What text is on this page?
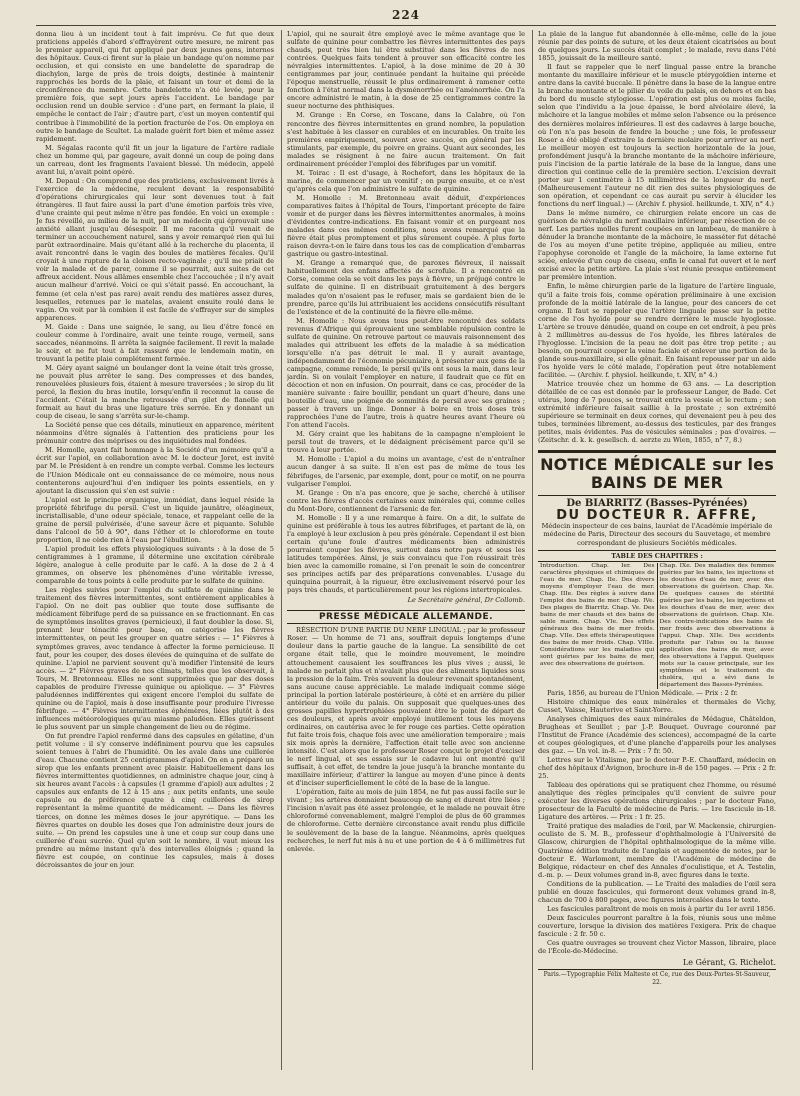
224

donna lieu à un incident tout à fait imprévu. Ce fut que deux praticiens appelés d'abord s'effrayèrent outre mesure, ne mirent pas le premier appareil, qui fut appliqué par deux jeunes gens, internes des hôpitaux. Ceux-ci firent sur la plaie un bandage qu'on nomme par occlusion, et qui consiste en une bandelette de sparadrap de diachylon, large de près de trois doigts, destinée à maintenir rapprochés les bords de la plaie, et faisant un tour et demi de la circonférence du membre. Cette bandelette n'a été levée, pour la première fois, que sept jours après l'accident. Le bandage par occlusion rend un double service : d'une part, en fermant la plaie, il empêche le contact de l'air ; d'autre part, c'est un moyen contentif qui contribue à l'immobilité de la portion fracturée de l'os. On employa en outre le bandage de Scultet. La malade guérit fort bien et même assez rapidement.

M. Ségalas raconte qu'il fit un jour la ligature de l'artère radiale chez un homme qui, par gageure, avait donné un coup de poing dans un carreau, dont les fragments l'avaient blessé. Un médecin, appelé avant lui, n'avait point opéré.

M. Depaul : On comprend que des praticiens, exclusivement livrés à l'exercice de la médecine, reculent devant la responsabilité d'opérations chirurgicales qui leur sont devenues tout à fait étrangères. Il faut faire aussi la part d'une émotion parfois très vive, d'une crainte qui peut même n'être pas fondée. En voici un exemple : Je fus réveillé, au milieu de la nuit, par un médecin qui éprouvait une anxiété allant jusqu'au désespoir. Il me raconta qu'il venait de terminer un accouchement naturel, sans y avoir remarqué rien qui lui parût extraordinaire. Mais qu'étant allé à la recherche du placenta, il avait rencontré dans le vagin des boules de matières fécales. Qu'il croyait à une rupture de la cloison recto-vaginale ; qu'il me priait de voir la malade et de parer, comme il se pourrait, aux suites de cet affreux accident. Nous allâmes ensemble chez l'accouchée ; il n'y avait aucun malheur d'arrivé. Voici ce qui s'était passé. En accouchant, la femme (et cela n'est pas rare) avait rendu des matières assez dures, lesquelles, retenues par le matelas, avaient ensuite roulé dans le vagin. On voit par là combien il est facile de s'effrayer sur de simples apparences.

M. Gaide : Dans une saignée, le sang, au lieu d'être foncé en couleur comme à l'ordinaire, avait une teinte rouge, vermeil, sans saccades, néanmoins. Il arrêta la saignée facilement. Il revit la malade le soir, et ne fut tout à fait rassuré que le lendemain matin, en trouvant la petite plaie complétement fermée.

M. Géry ayant saigné un boulanger dont la veine était très grosse, ne pouvait plus arrêter le sang. Des compresses et des bandes, renouvelées plusieurs fois, étaient à mesure traversées ; le sirop du lit percé, la flexion du bras inutile, lorsqu'enfin il reconnut la cause de l'accident. C'était la manche retroussée d'un gilet de flanelle qui formait au haut du bras une ligature très serrée. En y donnant un coup de ciseau, le sang s'arrêta sur-le-champ.

La Société pense que ces détails, minutieux en apparence, méritent néanmoins d'être signalés à l'attention des praticiens pour les prémunir contre des méprises ou des inquiétudes mal fondées.

M. Homolle, ayant fait hommage à la Société d'un mémoire qu'il a écrit sur l'apiol, en collaboration avec M. le docteur Joret, est invité par M. le Président à en rendre un compte verbal. Comme les lecteurs de l'Union Médicale ont eu connaissance de ce mémoire, nous nous contenterons aujourd'hui d'en indiquer les points essentiels, en y ajoutant la discussion qui s'en est suivie :

L'apiol est le principe organique, immédiat, dans lequel réside la propriété fébrifuge du persil. C'est un liquide jaunâtre, oléagineux, incristallisable, d'une odeur spéciale, tenace, et rappelant celle de la graine de persil pulvérisée, d'une saveur âcre et piquante. Soluble dans l'alcool de 50 à 90°, dans l'éther et le chloroforme en toute proportion, il ne cède rien à l'eau par l'ébullition.

L'apiol produit les effets physiologiques suivants : à la dose de 5 centigrammes à 1 gramme, il détermine une excitation cérébrale légère, analogue à celle produite par le café. A la dose de 2 à 4 grammes, on observe les phénomènes d'une véritable ivresse, comparable de tous points à celle produite par le sulfate de quinine.

Les règles suivies pour l'emploi du sulfate de quinine dans le traitement des fièvres intermittentes, sont entièrement applicables à l'apiol. On ne doit pas oublier que toute dose suffisante de médicament fébrifuge perd de sa puissance en se fractionnant. En cas de symptômes insolites graves (pernicieux), il faut doubler la dose. Si, prenant leur ténacité pour base, on catégorise les fièvres intermittentes, on peut les grouper en quatre séries : — 1° Fièvres à symptômes graves, avec tendance à affecter la forme pernicieuse. Il faut, pour les couper, des doses élevées de quinquina et de sulfate de quinine. L'apiol ne parvient souvent qu'à modifier l'intensité de leurs accès. — 2° Fièvres graves de nos climats, telles que les observait, à Tours, M. Bretonneau. Elles ne sont supprimées que par des doses capables de produire l'ivresse quinique ou apiolique. — 3° Fièvres paludéennes indifférentes qui exigent encore l'emploi du sulfate de quinine ou de l'apiol, mais à dose insuffisante pour produire l'ivresse fébrifuge. — 4° Fièvres intermittentes éphémères, liées plutôt à des influences météorologiques qu'au miasme paludéen. Elles guérissent le plus souvent par un simple changement de lieu ou de régime.

On fut prendre l'apiol renfermé dans des capsules en gélatine, d'un petit volume : il s'y conserve indéfiniment pourvu que les capsules soient tenues à l'abri de l'humidité. On les avale dans une cuillerée d'eau. Chacune contient 25 centigrammes d'apiol. On en a préparé un sirop que les enfants prennent avec plaisir. Habituellement dans les fièvres intermittentes quotidiennes, on administre chaque jour, cinq à six heures avant l'accès : à capsules (1 gramme d'apiol) aux adultes ; 2 capsules aux enfants de 12 à 15 ans ; aux petits enfants, une seule capsule ou de préférence quatre à cinq cuillerées de sirop représentant la même quantité de médicament. — Dans les fièvres tierces, on donne les mêmes doses le jour apyrétique. — Dans les fièvres quartes on double les doses que l'on administre deux jours de suite. — On prend les capsules une à une et coup sur coup dans une cuillerée d'eau sucrée. Quel qu'en soit le nombre, il vaut mieux les prendre au même instant qu'à des intervalles éloignés ; quand la fièvre est coupée, on continue les capsules, mais à doses décroissantes de jour en jour.

L'apiol, qui ne saurait être employé avec le même avantage que le sulfate de quinine pour combattre les fièvres intermittentes des pays chauds, peut très bien lui être substitué dans les fièvres de nos contrées. Quelques faits tendent à prouver son efficacité contre les névralgies intermittentes. L'apiol, à la dose minime de 20 à 30 centigrammes par jour, continuée pendant la huitaine qui précède l'époque menstruelle, réussit le plus ordinairement à ramener cette fonction à l'état normal dans la dysménorrhée ou l'aménorrhée. On l'a encore administré le matin, à la dose de 25 centigrammes contre la sueur nocturne des phthisiques.

M. Grange : En Corse, en Toscane, dans la Calabre, où l'on rencontre des fièvres intermittentes en grand nombre, la population s'est habituée à les classer en curables et en incurables. On traite les premières empiriquement, souvent avec succès, en général par les stimulants, par exemple, du poivre en grains. Quant aux secondes, les malades se résignent à ne faire aucun traitement. On fait ordinairement précéder l'emploi des fébrifuges par un vomitif.

M. Toirac : Il est d'usage, à Rochefort, dans les hôpitaux de la marine, de commencer par un vomitif ; on purge ensuite, et ce n'est qu'après cela que l'on administre le sulfate de quinine.

M. Homolle : M. Bretonneau avait déduit, d'expériences comparatives faites à l'hôpital de Tours, l'important précepte de faire vomir et de purger dans les fièvres intermittentes anormales, à moins d'évidentes contre-indications. En faisant vomir et en purgeant nos malades dans ces mêmes conditions, nous avons remarqué que la fièvre était plus promptement et plus sûrement coupée. À plus forte raison devra-t-on le faire dans tous les cas de complication d'embarras gastrique ou gastro-intestinal.

M. Grange a remarqué que, de paroxes fiévreux, il naissait habituellement des enfans affectés de scrofule. Il a rencontré en Corse, comme cela se voit dans les pays à fièvre, un préjugé contre le sulfate de quinine. Il en distribuait gratuitement à des bergers malades qu'on n'osaient pas le refuser, mais se gardaient bien de le prendre, parce qu'ils lui attribuaient les accidens consécutifs résultant de l'existence et de la continuité de la fièvre elle-même.

M. Homolle : Nous avons tous peut-être rencontré des soldats revenus d'Afrique qui éprouvaient une semblable répulsion contre le sulfate de quinine. On retrouve partout ce mauvais raisonnement des malades qui attribuent les effets de la maladie à sa médication lorsqu'elle n'a pas détruit le mal. Il y aurait avantage, indépendamment de l'économie pécuniaire, à présenter aux gens de la campagne, comme remède, le persil qu'ils ont sous la main, dans leur jardin. Si on voulait l'employer en nature, il faudrait que ce fût en décoction et non en infusion. On pourrait, dans ce cas, procéder de la manière suivante : faire bouillir, pendant un quart d'heure, dans une bouteille d'eau, une poignée de sommités de persil avec ses graines ; passer à travers un linge. Donner à boire en trois doses très rapprochées l'une de l'autre, trois à quatre heures avant l'heure où l'on attend l'accès.

M. Géry craint que les habitans de la campagne n'emploient le persil tout de travers, et le dédaignent précisément parce qu'il se trouve à leur portée.

M. Homolle : L'apiol a du moins un avantage, c'est de n'entraîner aucun danger à sa suite. Il n'en est pas de même de tous les fébrifuges, de l'arsenic, par exemple, dont, pour ce motif, on ne pourra vulgariser l'emploi.

M. Grange : On n'a pas encore, que je sache, cherché à utiliser contre les fièvres d'accès certaines eaux minérales qui, comme celles du Mont-Dore, contiennent de l'arsenic de fer.

M. Homolle : Il y a une remarque à faire. On a dit, le sulfate de quinine est préférable à tous les autres fébrifuges, et partant de là, on l'a employé à leur exclusion à peu près générale. Cependant il est bien certain qu'une foule d'autres médicaments bien administrés pourraient couper les fièvres, surtout dans notre pays et sous les latitudes tempérées. Ainsi, je suis convaincu que l'on réussirait très bien avec la camomille romaine, si l'on prenait le soin de concentrer ses principes actifs par des préparations convenables. L'usage du quinquina pourrait, à la rigueur, être exclusivement réservé pour les pays très chauds, et particulièrement pour les régions intertropicales.

Le Secrétaire général, Dr Collomb.
PRESSE MÉDICALE ALLEMANDE.

RÉSECTION D'UNE PARTIE DU NERF LINGUAL ; par le professeur Roser. — Un homme de 71 ans, souffrait depuis longtemps d'une douleur dans la partie gauche de la langue. La sensibilité de cet organe était telle, que le moindre mouvement, le moindre attouchement causaient les souffrances les plus vives ; aussi, le malade ne parlait plus et n'avalait plus que des aliments liquides sous la pression de la faim. Très souvent la douleur revenait spontanément, sans aucune cause appréciable. Le malade indiquait comme siége principal la portion latérale postérieure, à côté et en arrière du pilier antérieur du voile du palais. On supposait que quelques-unes des grosses papilles hypertrophiées pouvaient être le point de départ de ces douleurs, et après avoir employé inutilement tous les moyens ordinaires, on cautérisa avec le fer rouge ces parties. Cette opération fut faite trois fois, chaque fois avec une amélioration temporaire ; mais six mois après la dernière, l'affection était telle avec son ancienne intensité. C'est alors que le professeur Roser conçut le projet d'exciser le nerf lingual, et ses essais sur le cadavre lui ont montré qu'il suffisait, à cet effet, de tendre la joue jusqu'à la branche montante du maxillaire inférieur, d'attirer la langue au moyen d'une pince à dents et d'inciser superficiellement le côté de la base de la langue.

L'opération, faite au mois de juin 1854, ne fut pas aussi facile sur le vivant ; les artères donnaient beaucoup de sang et durent être liées ; l'incision n'avait pas été assez prolongée, et le malade ne pouvait être chloroformé convenablement, malgré l'emploi de plus de 60 grammes de chloroforme. Cette dernière circonstance avait rendu plus difficile le soulèvement de la base de la langue. Néanmoins, après quelques recherches, le nerf fut mis à nu et une portion de 4 à 6 millimètres fut enlevée.

La plaie de la langue fut abandonnée à elle-même, celle de la joue réunie par des points de suture, et les deux étaient cicatrisées au bout de quelques jours. Le succès était complet ; le malade, revu dans l'été 1855, jouissait de la meilleure santé.

Il faut se rappeler que le nerf lingual passe entre la branche montante du maxillaire inférieur et le muscle ptérygoïdien interne et entre dans la cavité buccale. Il pénètre dans la base de la langue entre la branche montante et le pilier du voile du palais, en dehors et en bas du bord du muscle stylogiosse. L'opération est plus ou moins facile, selon que l'individu a la joue épaisse, le bord alvéolaire élevé, la mâchoire et la langue mobiles et même selon l'absence ou la présence des dernières molaires inférieures. Il est des cadavres à large bouche, où l'on n'a pas besoin de fendre la bouche ; une fois, le professeur Roser a été obligé d'extraire la dernière molaire pour arriver au nerf. Le meilleur moyen est toujours la section horizontale de la joue, profondément jusqu'à la branche montante de la mâchoire inférieure, puis l'incision de la partie latérale de la base de la langue, dans une direction qui continue celle de la première section. L'excision devrait porter sur 1 centimètre à 15 millimètres de la longueur du nerf. (Malheureusement l'auteur ne dit rien des suites physiologiques de son opération, et cependant ce cas aurait pu servir à élucider les fonctions du nerf lingual.) — (Archiv f. physiol. heilkunde, t. XIV, n° 4.)

Dans le même numéro, ce chirurgien relate encore un cas de guérison de névralgie du nerf maxillaire inférieur, par résection de ce nerf. Les parties molles furent coupées en un lambeau, de manière à dénuder la branche montante de la mâchoire, le masséter fut détaché de l'os au moyen d'une petite trépine, appliquée au milieu, entre l'apophyse coronoïde et l'angle de la mâchoire, la lame externe fut sciée, enlevée d'un coup de ciseau, enfin le canal fut ouvert et le nerf excisé avec la petite artère. La plaie s'est réunie presque entièrement par première intention.

Enfin, le même chirurgien parle de la ligature de l'artère linguale, qu'il a faite trois fois, comme opération préliminaire à une excision profonde de la moitié latérale de la langue, pour des cancers de cet organe. Il faut se rappeler que l'artère linguale passe sur la petite corne de l'os hyoïde pour se rendre derrière le muscle hyoglosse. L'artère se trouve dénudée, quand on coupe en cet endroit, à peu près à 2 millimètres au-dessus de l'os hyoïde, les fibres latérales de l'hyoglosse. L'incision de la peau ne doit pas être trop petite ; au besoin, on pourrait couper la veine faciale et enlever une portion de la glande sous-maxillaire, si elle gênait. En faisant repousser par un aide l'os hyoïde vers le côté malade, l'opération peut être notablement facilitée. — (Archiv. f. physiol. heilkunde, t. XIV, n° 4.)

Matrice trouvée chez un homme de 63 ans. — La description détaillée de ce cas est donnée par le professeur Langer, de Bade. Cet utérus, long de 7 pouces, se trouvait entre la vessie et le rectum ; son extrémité inférieure faisait saillie à la prostate ; son extrémité supérieure se terminait en deux cornes, qui devenaient peu à peu des tubes, terminées librement, au-dessus des testicules, par des franges petites, mais évidentes. Pas de vésicules séminales ; pas d'ovaires. — (Zeitschr. d. k. k. gesellsch. d. aerzte zu Wien, 1855, n° 7, 8.)

NOTICE MÉDICALE sur les BAINS DE MER
De BIARRITZ (Basses-Pyrénées)
DU DOCTEUR R. AFFRE,

Médecin inspecteur de ces bains, lauréat de l'Académie impériale de médecine de Paris, Directeur des secours du Sauvetage, et membre correspondant de plusieurs Sociétés médicales.

TABLE DES CHAPITRES :
Introduction. Chap. Ier. Des caractères physiques et chimiques de l'eau de mer. Chap. IIe. Des divers moyens d'employer l'eau de mer. Chap. IIIe. Des règles à suivre dans l'emploi des bains de mer. Chap. IVe. Des plages de Biarritz. Chap. Ve. Des bains de mer chauds et des bains de sable marin. Chap. VIe. Des effets généraux des bains de mer froids. Chap. VIIe. Des effets thérapeutiques des bains de mer froids. Chap. VIIIe. Considérations sur les maladies qui sont guéries par les bains de mer, avec des observations de guérison.
Chap. IXe. Des maladies des femmes guéries par les bains, les injections et les douches d'eau de mer, avec des observations de guérison. Chap. Xe. De quelques causes de stérilité guéries par les bains, les injections et les douches d'eau de mer, avec des observations de guérison. Chap. XIe. Des contre-indications des bains de mer froids avec des observations à l'appui. Chap. XIIe. Des accidents produits par l'abus ou la fausse application des bains de mer, avec des observations à l'appui. Quelques mots sur la cause principale, sur les symptômes et le traitement du choléra, qui a sévi dans le département des Basses-Pyrénées.

Paris, 1856, au bureau de l'Union Médicale. — Prix : 2 fr.

Histoire chimique des eaux minérales et thermales de Vichy, Cusset, Vaisse, Hauterive et Saint-Yorre.

Analyses chimiques des eaux minérales de Médague, Châteldon, Brugheas et Seuillet ; par J.-P. Bouquet. Ouvrage couronné par l'Institut de France (Académie des sciences), accompagné de la carte et coupes géologiques, et d'une planche d'appareils pour les analyses des gaz. — Un vol. in-8. — Prix : 7 fr. 50.

Lettres sur le Vitalisme, par le docteur P.-E. Chauffard, médecin en chef des hôpitaux d'Avignon, brochure in-8 de 150 pages. — Prix : 2 fr. 25.

Tableau des opérations qui se pratiquent chez l'homme, ou résumé analytique des règles principales qu'il convient de suivre pour exécuter les diverses opérations chirurgicales ; par le docteur Fano, prosecteur de la Faculté de médecine de Paris. — 1re fascicule in-18. Ligature des artères. — Prix : 1 fr. 25.

Traité pratique des maladies de l'œil, par W. Mackensie, chirurgien-oculiste de S. M. B., professeur d'ophthalmologie à l'Université de Glascow, chirurgien de l'hôpital ophthalmologique de la même ville. Quatrième édition traduite de l'anglais et augmentée de notes, par le docteur E. Warlomont, membre de l'Académie de médecine de Belgique, rédacteur en chef des Annales d'oculistique, et A. Testelin, d.-m. p. — Deux volumes grand in-8, avec figures dans le texte.

Conditions de la publication. — Le Traité des maladies de l'œil sera publié en douze fascicules, qui formeront deux volumes grand in-8, chacun de 700 à 800 pages, avec figures intercalées dans le texte.

Les fascicules paraîtront de mois en mois à partir du 1er avril 1856.

Deux fascicules pourront paraître à la fois, réunis sous une même couverture, lorsque la division des matières l'exigera. Prix de chaque fascicule : 2 fr. 50 c.

Ces quatre ouvrages se trouvent chez Victor Masson, libraire, place de l'École-de-Médecine.

Le Gérant, G. Richelot.
Paris.—Typographie Félix Malteste et Ce, rue des Deux-Portes-St-Sauveur, 22.
